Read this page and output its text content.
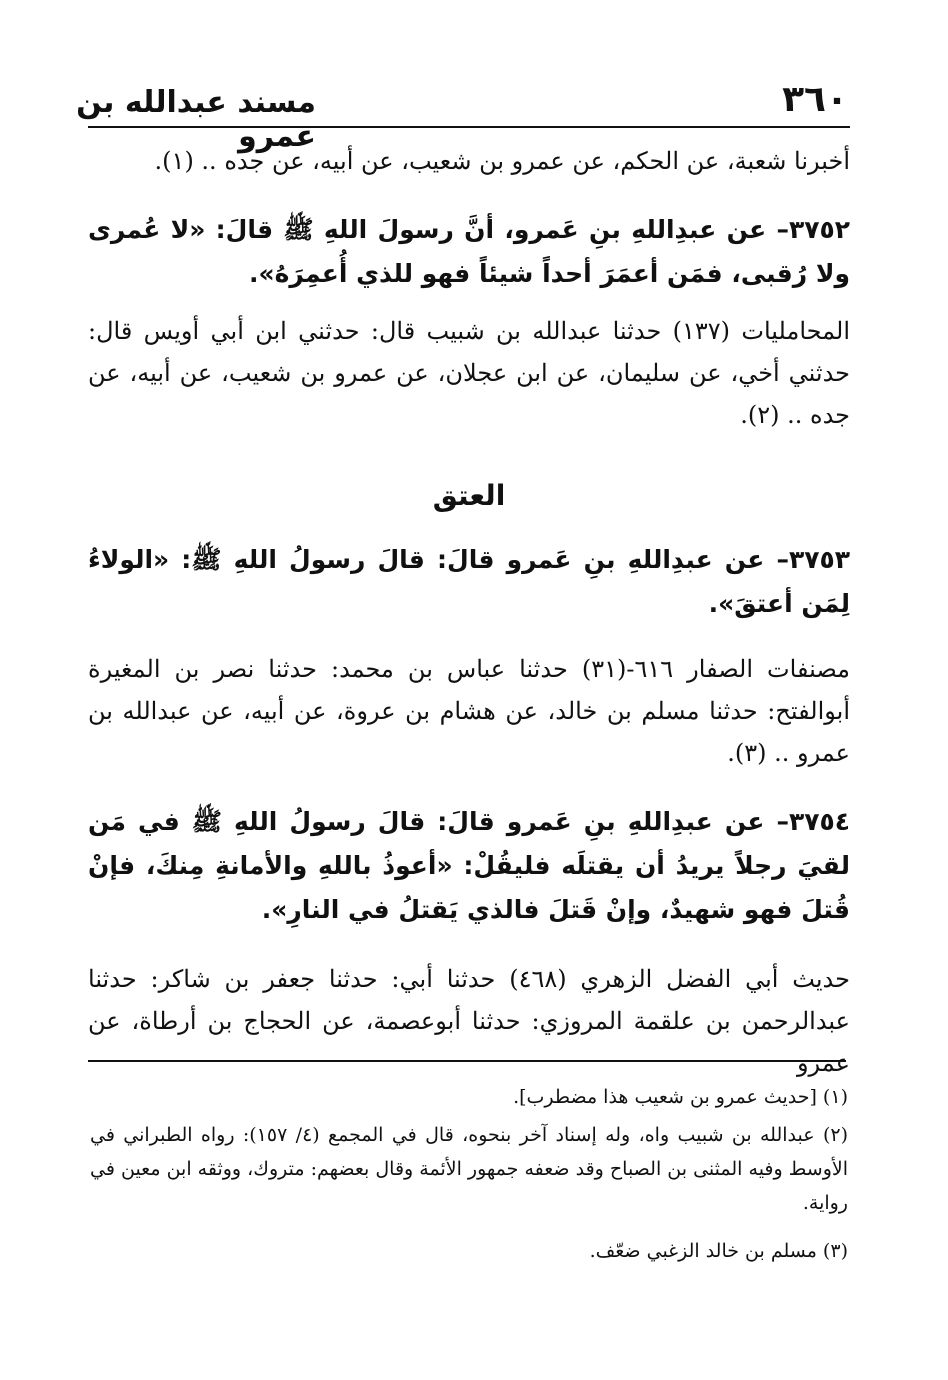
٣٦٠
مسند عبدالله بن عمرو
أخبرنا شعبة، عن الحكم، عن عمرو بن شعيب، عن أبيه، عن جده .. (١).
٣٧٥٢– عن عبدِاللهِ بنِ عَمرو، أنَّ رسولَ اللهِ ﷺ قالَ: «لا عُمرى ولا رُقبى، فمَن أعمَرَ أحداً شيئاً فهو للذي أُعمِرَهُ».
المحامليات (١٣٧) حدثنا عبدالله بن شبيب قال: حدثني ابن أبي أويس قال: حدثني أخي، عن سليمان، عن ابن عجلان، عن عمرو بن شعيب، عن أبيه، عن جده .. (٢).
العتق
٣٧٥٣– عن عبدِاللهِ بنِ عَمرو قالَ: قالَ رسولُ اللهِ ﷺ: «الولاءُ لِمَن أعتقَ».
مصنفات الصفار ٦١٦-(٣١) حدثنا عباس بن محمد: حدثنا نصر بن المغيرة أبوالفتح: حدثنا مسلم بن خالد، عن هشام بن عروة، عن أبيه، عن عبدالله بن عمرو .. (٣).
٣٧٥٤– عن عبدِاللهِ بنِ عَمرو قالَ: قالَ رسولُ اللهِ ﷺ في مَن لقيَ رجلاً يريدُ أن يقتلَه فليقُلْ: «أعوذُ باللهِ والأمانةِ مِنكَ، فإنْ قُتلَ فهو شهيدٌ، وإنْ قَتلَ فالذي يَقتلُ في النارِ».
حديث أبي الفضل الزهري (٤٦٨) حدثنا أبي: حدثنا جعفر بن شاكر: حدثنا عبدالرحمن بن علقمة المروزي: حدثنا أبوعصمة، عن الحجاج بن أرطاة، عن عمرو
(١) [حديث عمرو بن شعيب هذا مضطرب].
(٢) عبدالله بن شبيب واه، وله إسناد آخر بنحوه، قال في المجمع (٤/ ١٥٧): رواه الطبراني في الأوسط وفيه المثنى بن الصباح وقد ضعفه جمهور الأئمة وقال بعضهم: متروك، ووثقه ابن معين في رواية.
(٣) مسلم بن خالد الزغبي ضعّف.
